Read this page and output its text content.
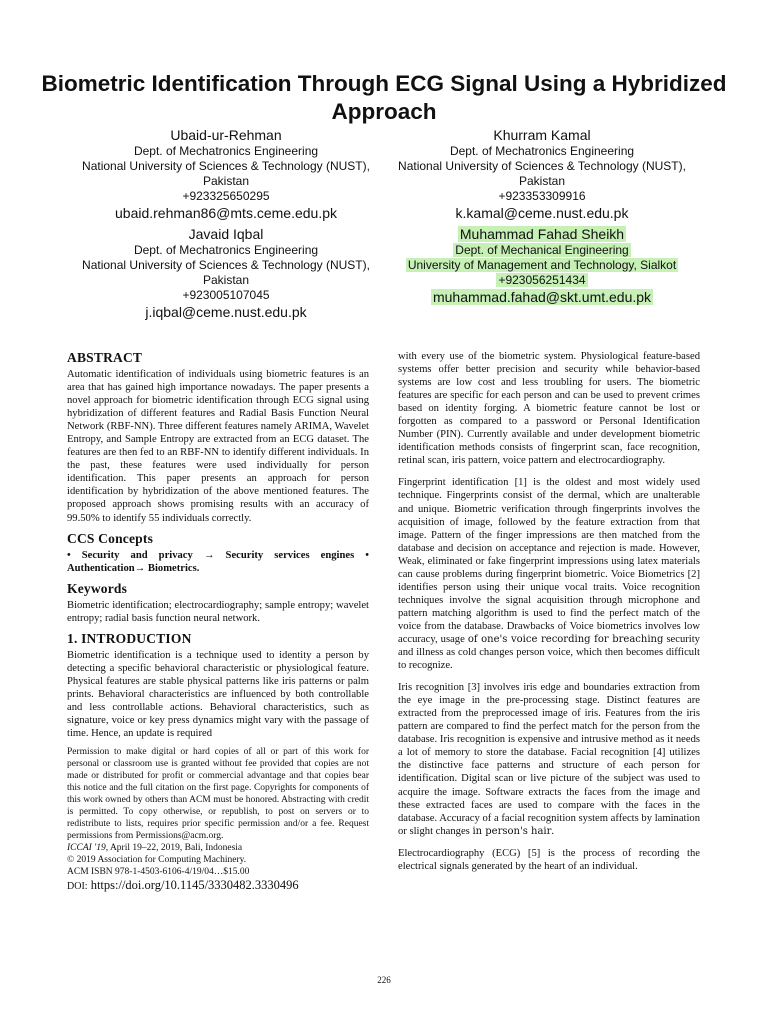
Biometric Identification Through ECG Signal Using a Hybridized Approach
Ubaid-ur-Rehman
Dept. of Mechatronics Engineering
National University of Sciences & Technology (NUST),
Pakistan
+923325650295
ubaid.rehman86@mts.ceme.edu.pk
Khurram Kamal
Dept. of Mechatronics Engineering
National University of Sciences & Technology (NUST),
Pakistan
+923353309916
k.kamal@ceme.nust.edu.pk
Javaid Iqbal
Dept. of Mechatronics Engineering
National University of Sciences & Technology (NUST),
Pakistan
+923005107045
j.iqbal@ceme.nust.edu.pk
Muhammad Fahad Sheikh
Dept. of Mechanical Engineering
University of Management and Technology, Sialkot
+923056251434
muhammad.fahad@skt.umt.edu.pk
ABSTRACT

Automatic identification of individuals using biometric features is an area that has gained high importance nowadays. The paper presents a novel approach for biometric identification through ECG signal using hybridization of different features and Radial Basis Function Neural Network (RBF-NN). Three different features namely ARIMA, Wavelet Entropy, and Sample Entropy are extracted from an ECG dataset. The features are then fed to an RBF-NN to identify different individuals. In the past, these features were used individually for person identification. This paper presents an approach for person identification by hybridization of the above mentioned features. The proposed approach shows promising results with an accuracy of 99.50% to identify 55 individuals correctly.

CCS Concepts

• Security and privacy → Security services engines • Authentication→ Biometrics.

Keywords

Biometric identification; electrocardiography; sample entropy; wavelet entropy; radial basis function neural network.

1. INTRODUCTION

Biometric identification is a technique used to identity a person by detecting a specific behavioral characteristic or physiological feature. Physical features are stable physical patterns like iris patterns or palm prints. Behavioral characteristics are influenced by both controllable and less controllable actions. Behavioral characteristics, such as signature, voice or key press dynamics might vary with the passage of time. Hence, an update is required

Permission to make digital or hard copies of all or part of this work for personal or classroom use is granted without fee provided that copies are not made or distributed for profit or commercial advantage and that copies bear this notice and the full citation on the first page. Copyrights for components of this work owned by others than ACM must be honored. Abstracting with credit is permitted. To copy otherwise, or republish, to post on servers or to redistribute to lists, requires prior specific permission and/or a fee. Request permissions from Permissions@acm.org.
ICCAI '19, April 19–22, 2019, Bali, Indonesia
© 2019 Association for Computing Machinery.
ACM ISBN 978-1-4503-6106-4/19/04…$15.00
DOI: https://doi.org/10.1145/3330482.3330496

with every use of the biometric system. Physiological feature-based systems offer better precision and security while behavior-based systems are low cost and less troubling for users. The biometric features are specific for each person and can be used to prevent crimes based on identity forging. A biometric feature cannot be lost or forgotten as compared to a password or Personal Identification Number (PIN). Currently available and under development biometric identification methods consists of fingerprint scan, face recognition, retinal scan, iris pattern, voice pattern and electrocardiography.

Fingerprint identification [1] is the oldest and most widely used technique. Fingerprints consist of the dermal, which are unalterable and unique. Biometric verification through fingerprints involves the acquisition of image, followed by the feature extraction from that image. Pattern of the finger impressions are then matched from the database and decision on acceptance and rejection is made. However, Weak, eliminated or fake fingerprint impressions using latex materials can cause problems during fingerprint biometric. Voice Biometrics [2] identifies person using their unique vocal traits. Voice recognition techniques involve the signal acquisition through microphone and pattern matching algorithm is used to find the perfect match of the voice from the database. Drawbacks of Voice biometrics involves low accuracy, usage of one's voice recording for breaching security and illness as cold changes person voice, which then becomes difficult to recognize.

Iris recognition [3] involves iris edge and boundaries extraction from the eye image in the pre-processing stage. Distinct features are extracted from the preprocessed image of iris. Features from the iris pattern are compared to find the perfect match for the person from the database. Iris recognition is expensive and intrusive method as it needs a lot of memory to store the database. Facial recognition [4] utilizes the distinctive face patterns and structure of each person for identification. Digital scan or live picture of the subject was used to acquire the image. Software extracts the faces from the image and these extracted faces are used to compare with the faces in the database. Accuracy of a facial recognition system affects by lamination or slight changes in person's hair.

Electrocardiography (ECG) [5] is the process of recording the electrical signals generated by the heart of an individual.

226
